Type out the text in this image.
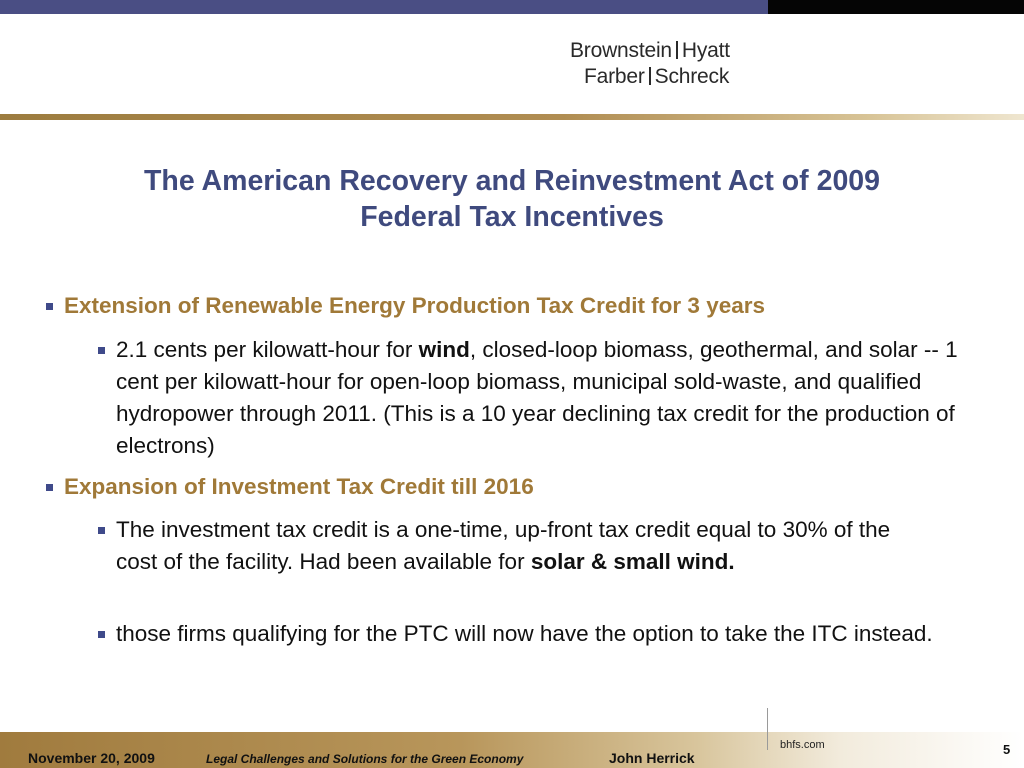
Brownstein Hyatt
Farber Schreck
The American Recovery and Reinvestment Act of 2009
Federal Tax Incentives
Extension of Renewable Energy Production Tax Credit for 3 years
2.1 cents per kilowatt-hour for wind, closed-loop biomass, geothermal, and solar -- 1 cent per kilowatt-hour for open-loop biomass, municipal sold-waste, and qualified hydropower through 2011. (This is a 10 year declining tax credit for the production of electrons)
Expansion of Investment Tax Credit till 2016
The investment tax credit is a one-time, up-front tax credit equal to 30% of the cost of the facility. Had been available for solar & small wind.
those firms qualifying for the PTC will now have the option to take the ITC instead.
bhfs.com
November 20, 2009	Legal Challenges and Solutions for the Green Economy	John Herrick
5
